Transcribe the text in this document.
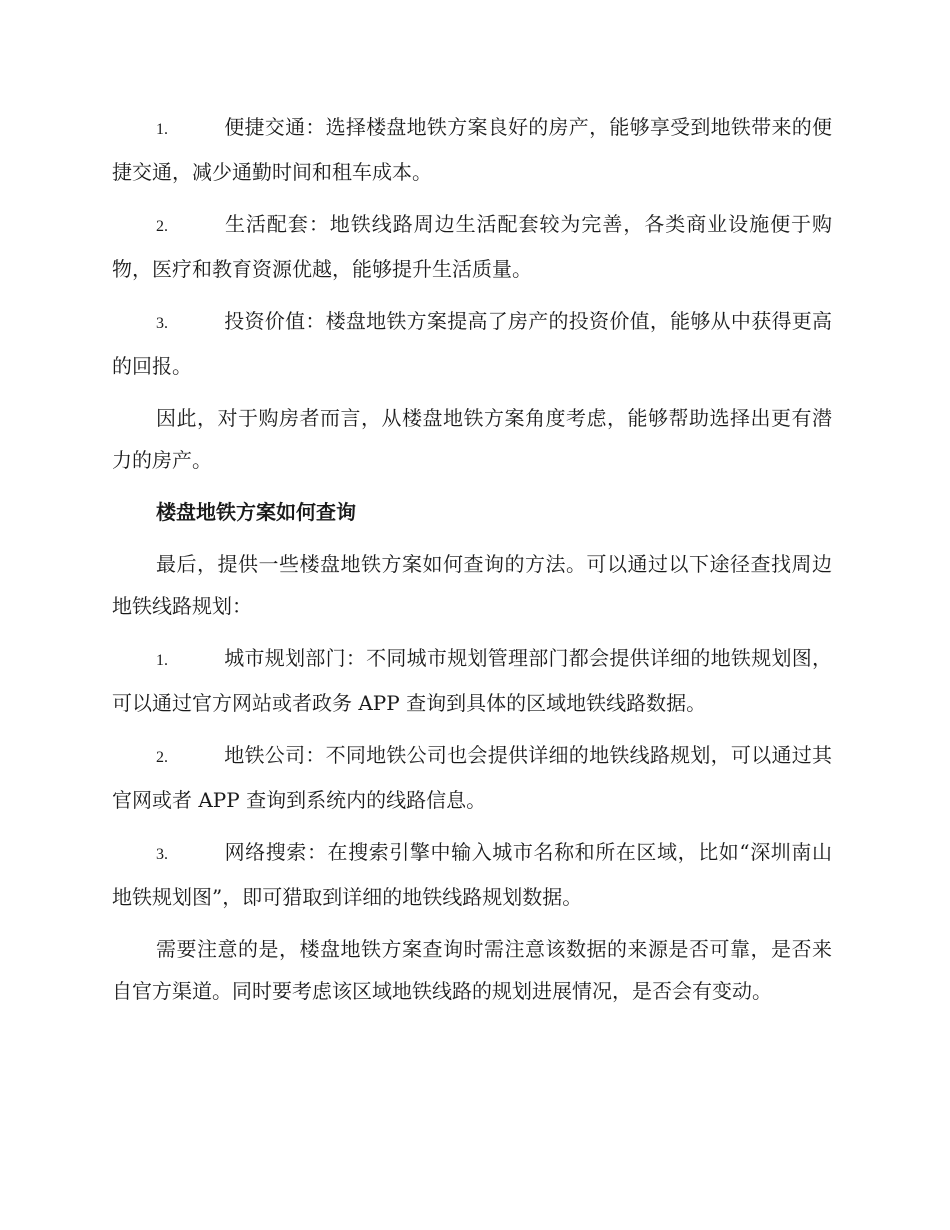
1.	便捷交通：选择楼盘地铁方案良好的房产，能够享受到地铁带来的便捷交通，减少通勤时间和租车成本。

2.	生活配套：地铁线路周边生活配套较为完善，各类商业设施便于购物，医疗和教育资源优越，能够提升生活质量。

3.	投资价值：楼盘地铁方案提高了房产的投资价值，能够从中获得更高的回报。

因此，对于购房者而言，从楼盘地铁方案角度考虑，能够帮助选择出更有潜力的房产。

楼盘地铁方案如何查询

最后，提供一些楼盘地铁方案如何查询的方法。可以通过以下途径查找周边地铁线路规划：

1.	城市规划部门：不同城市规划管理部门都会提供详细的地铁规划图，可以通过官方网站或者政务 APP 查询到具体的区域地铁线路数据。

2.	地铁公司：不同地铁公司也会提供详细的地铁线路规划，可以通过其官网或者 APP 查询到系统内的线路信息。

3.	网络搜索：在搜索引擎中输入城市名称和所在区域，比如“深圳南山地铁规划图”，即可猎取到详细的地铁线路规划数据。

需要注意的是，楼盘地铁方案查询时需注意该数据的来源是否可靠，是否来自官方渠道。同时要考虑该区域地铁线路的规划进展情况，是否会有变动。
